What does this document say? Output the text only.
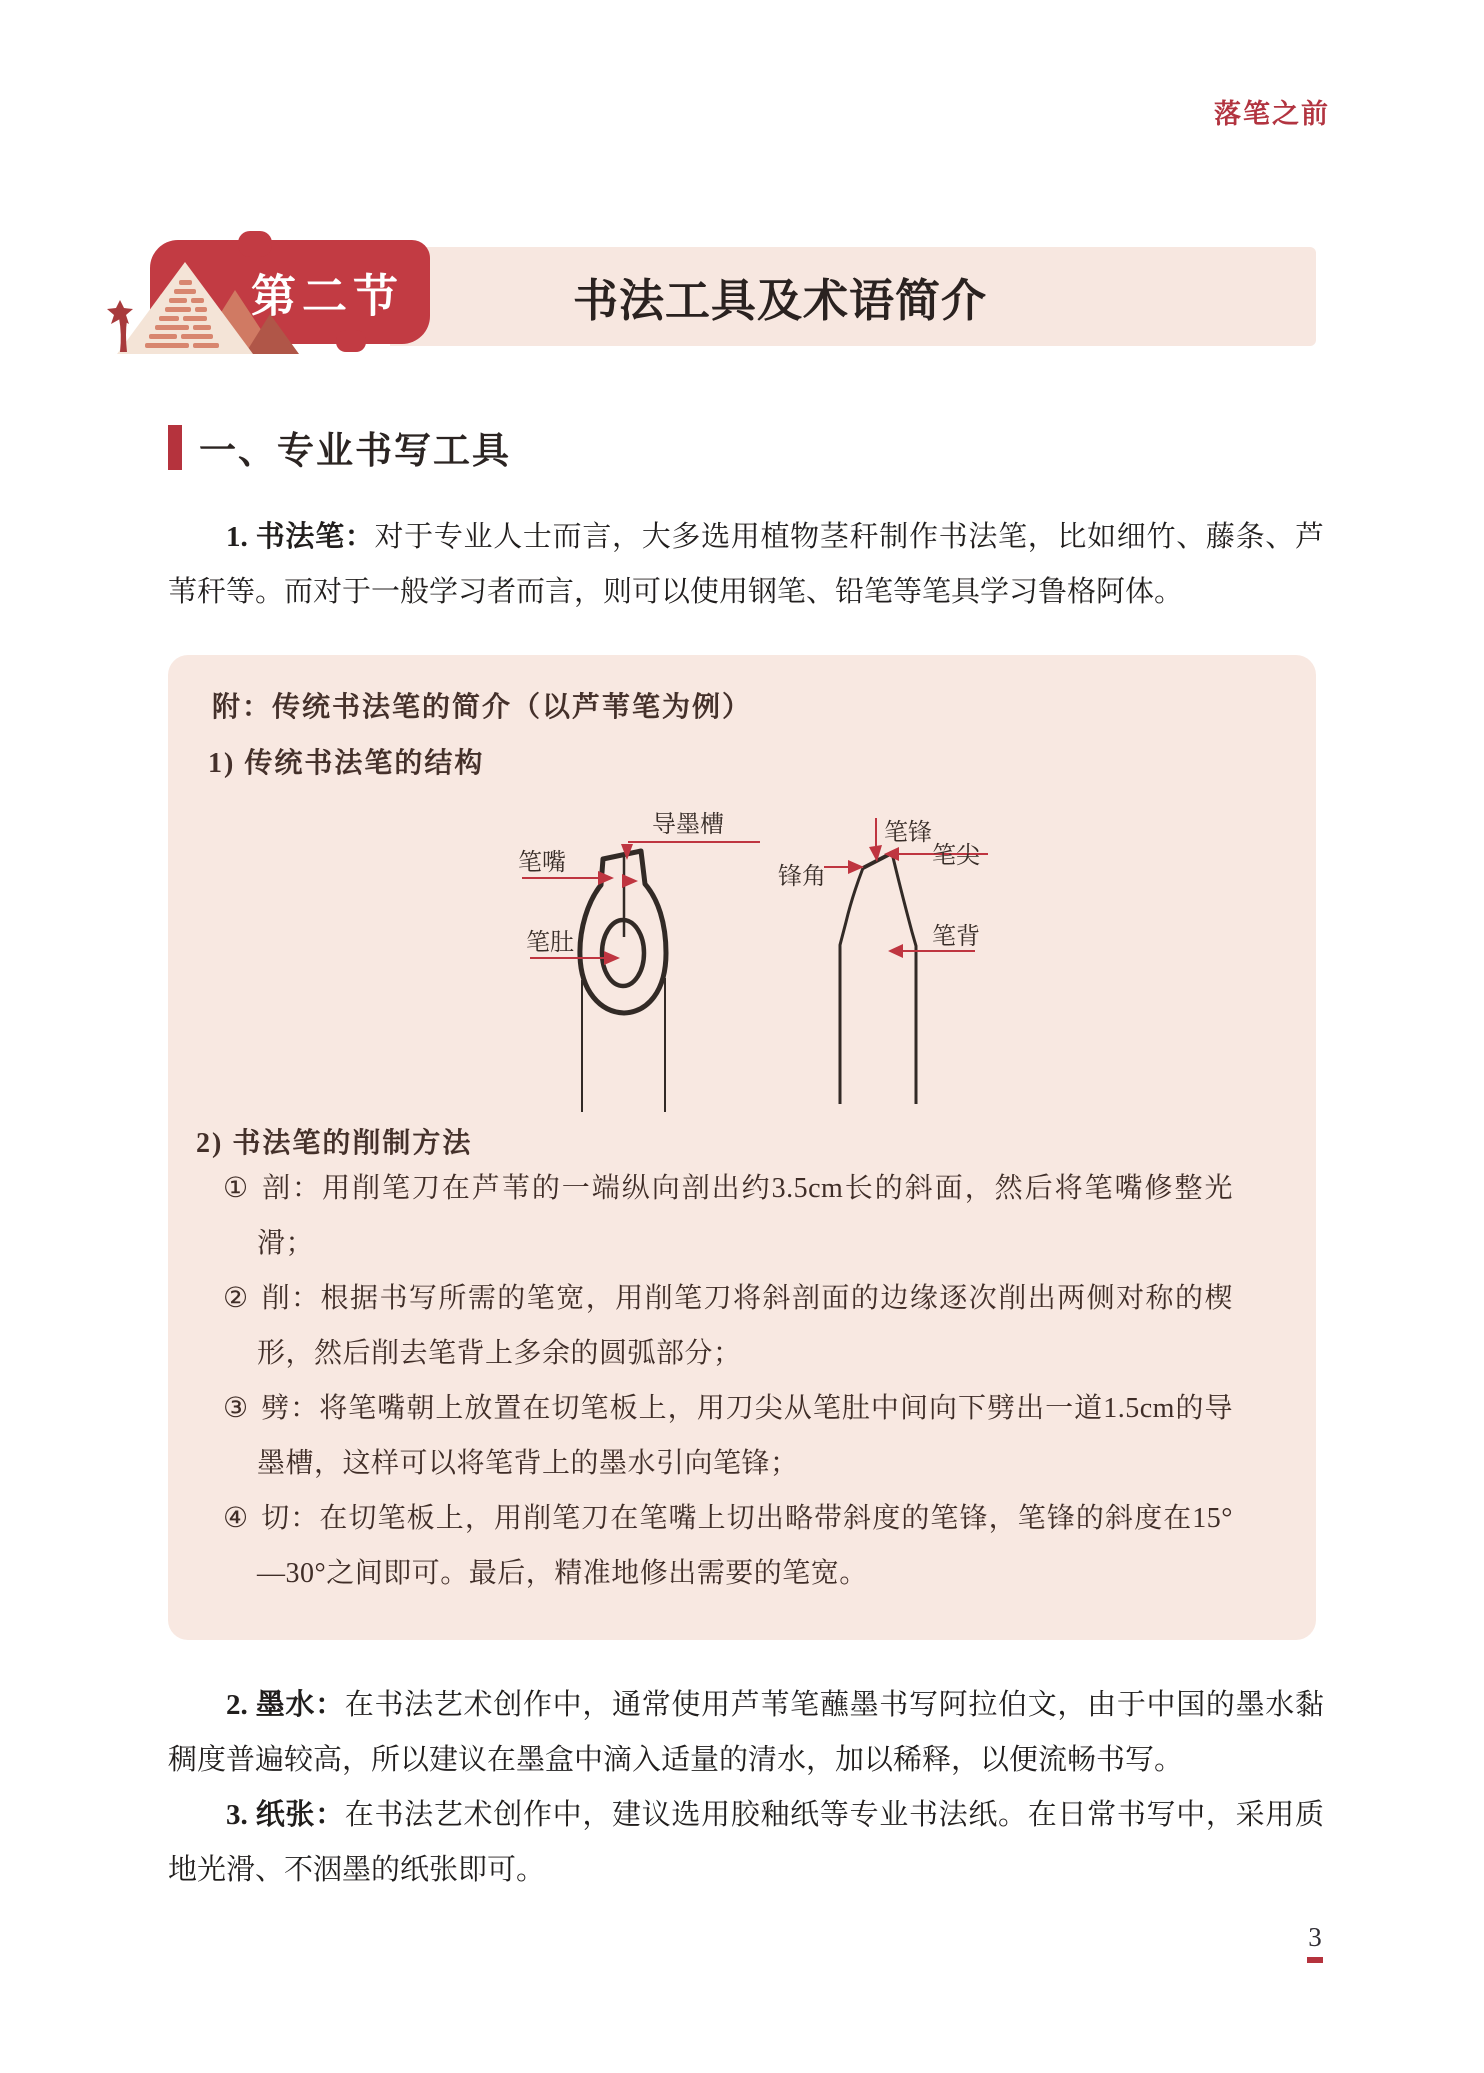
落笔之前
书法工具及术语简介
第二节
一、专业书写工具

1. 书法笔：对于专业人士而言，大多选用植物茎秆制作书法笔，比如细竹、藤条、芦苇秆等。而对于一般学习者而言，则可以使用钢笔、铅笔等笔具学习鲁格阿体。

附：传统书法笔的简介（以芦苇笔为例）

1) 传统书法笔的结构

导墨槽
笔嘴
笔肚
笔锋
笔尖
锋角
笔背

2) 书法笔的削制方法

① 剖：用削笔刀在芦苇的一端纵向剖出约3.5cm长的斜面，然后将笔嘴修整光滑；

② 削：根据书写所需的笔宽，用削笔刀将斜剖面的边缘逐次削出两侧对称的楔形，然后削去笔背上多余的圆弧部分；

③ 劈：将笔嘴朝上放置在切笔板上，用刀尖从笔肚中间向下劈出一道1.5cm的导墨槽，这样可以将笔背上的墨水引向笔锋；

④ 切：在切笔板上，用削笔刀在笔嘴上切出略带斜度的笔锋，笔锋的斜度在15°—30°之间即可。最后，精准地修出需要的笔宽。

2. 墨水：在书法艺术创作中，通常使用芦苇笔蘸墨书写阿拉伯文，由于中国的墨水黏稠度普遍较高，所以建议在墨盒中滴入适量的清水，加以稀释，以便流畅书写。

3. 纸张：在书法艺术创作中，建议选用胶釉纸等专业书法纸。在日常书写中，采用质地光滑、不洇墨的纸张即可。

3
